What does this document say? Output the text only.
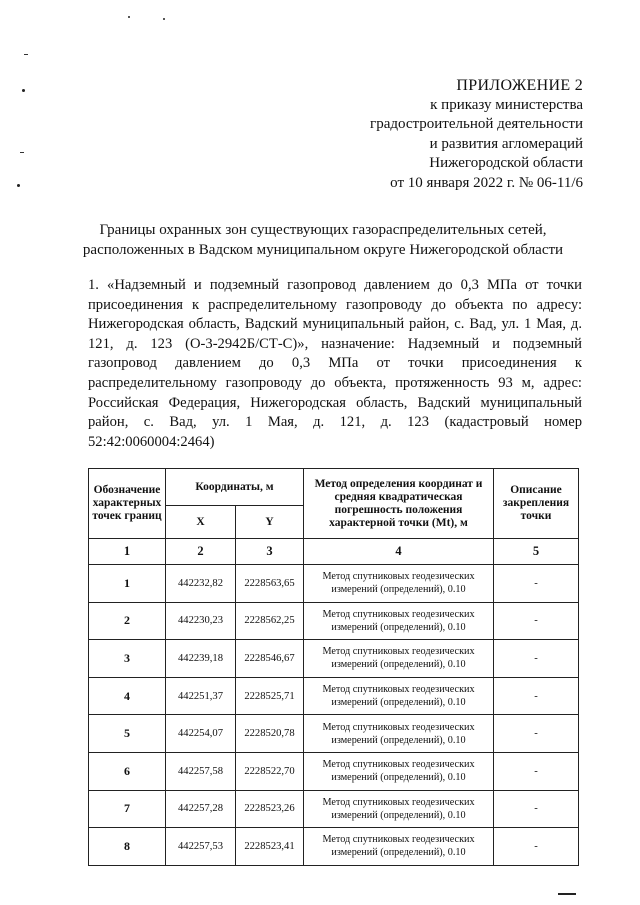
ПРИЛОЖЕНИЕ 2
к приказу министерства
градостроительной деятельности
и развития агломераций
Нижегородской области
от 10 января 2022 г. № 06-11/6
Границы охранных зон существующих газораспределительных сетей,
расположенных в Вадском муниципальном округе Нижегородской области
1. «Надземный и подземный газопровод давлением до 0,3 МПа от точки
присоединения к распределительному газопроводу до объекта по адресу:
Нижегородская область, Вадский муниципальный район, с. Вад, ул. 1 Мая, д.
121, д. 123 (О-3-2942Б/СТ-С)», назначение: Надземный и подземный
газопровод давлением до 0,3 МПа от точки присоединения к
распределительному газопроводу до объекта, протяженность 93 м, адрес:
Российская Федерация, Нижегородская область, Вадский муниципальный
район, с. Вад, ул. 1 Мая, д. 121, д. 123 (кадастровый номер
52:42:0060004:2464)
Обозначение характерных точек границ	Координаты, м		Метод определения координат и средняя квадратическая погрешность положения характерной точки (Mt), м	Описание закрепления точки
	X	Y		
1	2	3	4	5
1	442232,82	2228563,65	Метод спутниковых геодезических измерений (определений), 0.10	-
2	442230,23	2228562,25	Метод спутниковых геодезических измерений (определений), 0.10	-
3	442239,18	2228546,67	Метод спутниковых геодезических измерений (определений), 0.10	-
4	442251,37	2228525,71	Метод спутниковых геодезических измерений (определений), 0.10	-
5	442254,07	2228520,78	Метод спутниковых геодезических измерений (определений), 0.10	-
6	442257,58	2228522,70	Метод спутниковых геодезических измерений (определений), 0.10	-
7	442257,28	2228523,26	Метод спутниковых геодезических измерений (определений), 0.10	-
8	442257,53	2228523,41	Метод спутниковых геодезических измерений (определений), 0.10	-
